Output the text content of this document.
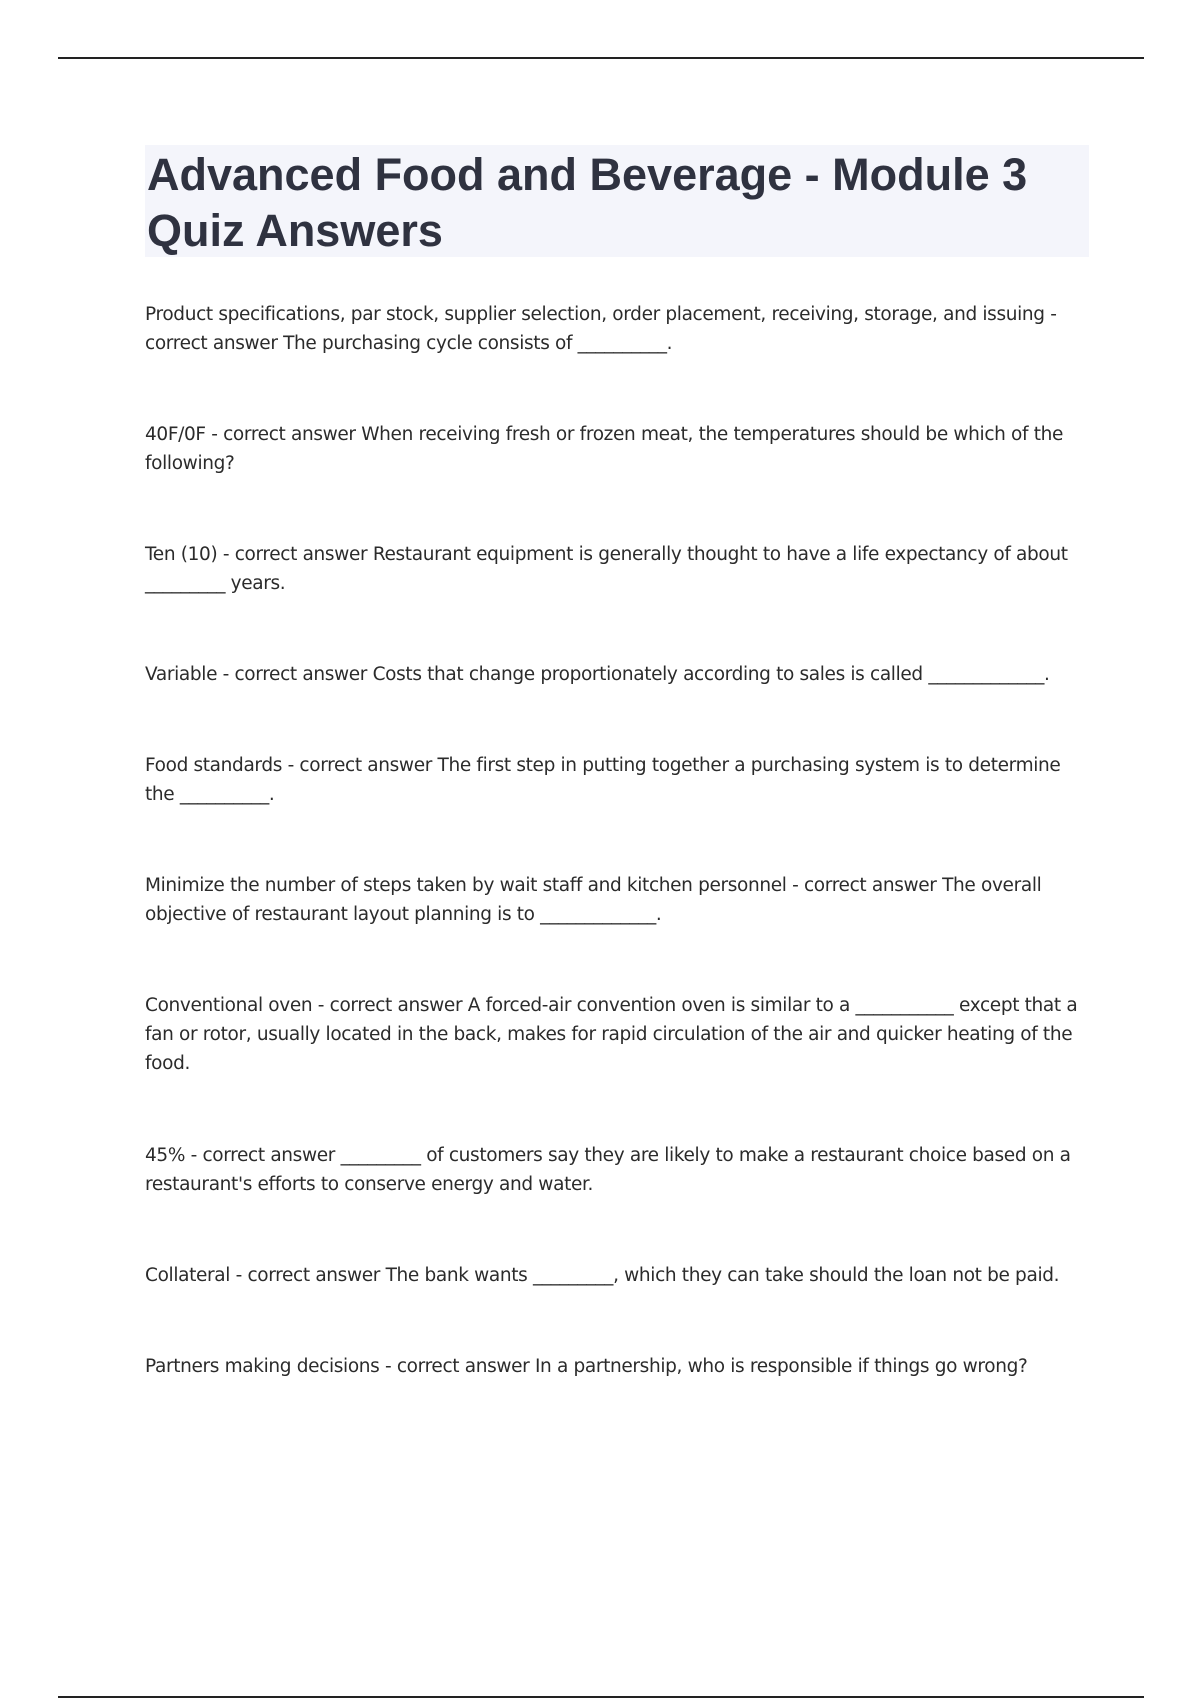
Advanced Food and Beverage - Module 3 Quiz Answers
Product specifications, par stock, supplier selection, order placement, receiving, storage, and issuing - correct answer The purchasing cycle consists of __________.
40F/0F - correct answer When receiving fresh or frozen meat, the temperatures should be which of the following?
Ten (10) - correct answer Restaurant equipment is generally thought to have a life expectancy of about _________ years.
Variable - correct answer Costs that change proportionately according to sales is called _____________.
Food standards - correct answer The first step in putting together a purchasing system is to determine the __________.
Minimize the number of steps taken by wait staff and kitchen personnel - correct answer The overall objective of restaurant layout planning is to _____________.
Conventional oven - correct answer A forced-air convention oven is similar to a ___________ except that a fan or rotor, usually located in the back, makes for rapid circulation of the air and quicker heating of the food.
45% - correct answer _________ of customers say they are likely to make a restaurant choice based on a restaurant's efforts to conserve energy and water.
Collateral - correct answer The bank wants _________, which they can take should the loan not be paid.
Partners making decisions - correct answer In a partnership, who is responsible if things go wrong?
